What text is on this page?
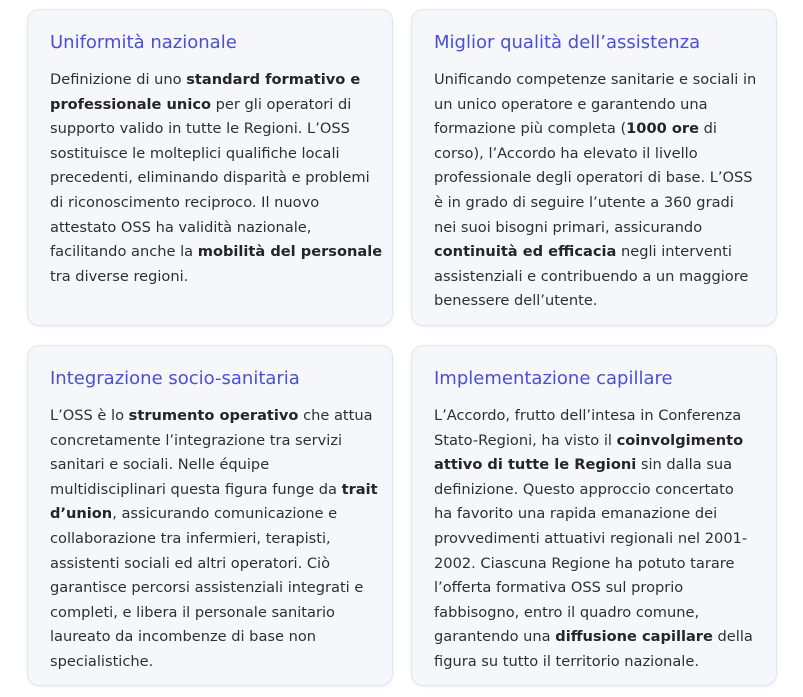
Uniformità nazionale

Definizione di uno standard formativo e
professionale unico per gli operatori di
supporto valido in tutte le Regioni. L’OSS
sostituisce le molteplici qualifiche locali
precedenti, eliminando disparità e problemi
di riconoscimento reciproco. Il nuovo
attestato OSS ha validità nazionale,
facilitando anche la mobilità del personale
tra diverse regioni.

Miglior qualità dell’assistenza

Unificando competenze sanitarie e sociali in
un unico operatore e garantendo una
formazione più completa (1000 ore di
corso), l’Accordo ha elevato il livello
professionale degli operatori di base. L’OSS
è in grado di seguire l’utente a 360 gradi
nei suoi bisogni primari, assicurando
continuità ed efficacia negli interventi
assistenziali e contribuendo a un maggiore
benessere dell’utente.

Integrazione socio-sanitaria

L’OSS è lo strumento operativo che attua
concretamente l’integrazione tra servizi
sanitari e sociali. Nelle équipe
multidisciplinari questa figura funge da trait
d’union, assicurando comunicazione e
collaborazione tra infermieri, terapisti,
assistenti sociali ed altri operatori. Ciò
garantisce percorsi assistenziali integrati e
completi, e libera il personale sanitario
laureato da incombenze di base non
specialistiche.

Implementazione capillare

L’Accordo, frutto dell’intesa in Conferenza
Stato-Regioni, ha visto il coinvolgimento
attivo di tutte le Regioni sin dalla sua
definizione. Questo approccio concertato
ha favorito una rapida emanazione dei
provvedimenti attuativi regionali nel 2001-
2002. Ciascuna Regione ha potuto tarare
l’offerta formativa OSS sul proprio
fabbisogno, entro il quadro comune,
garantendo una diffusione capillare della
figura su tutto il territorio nazionale.
